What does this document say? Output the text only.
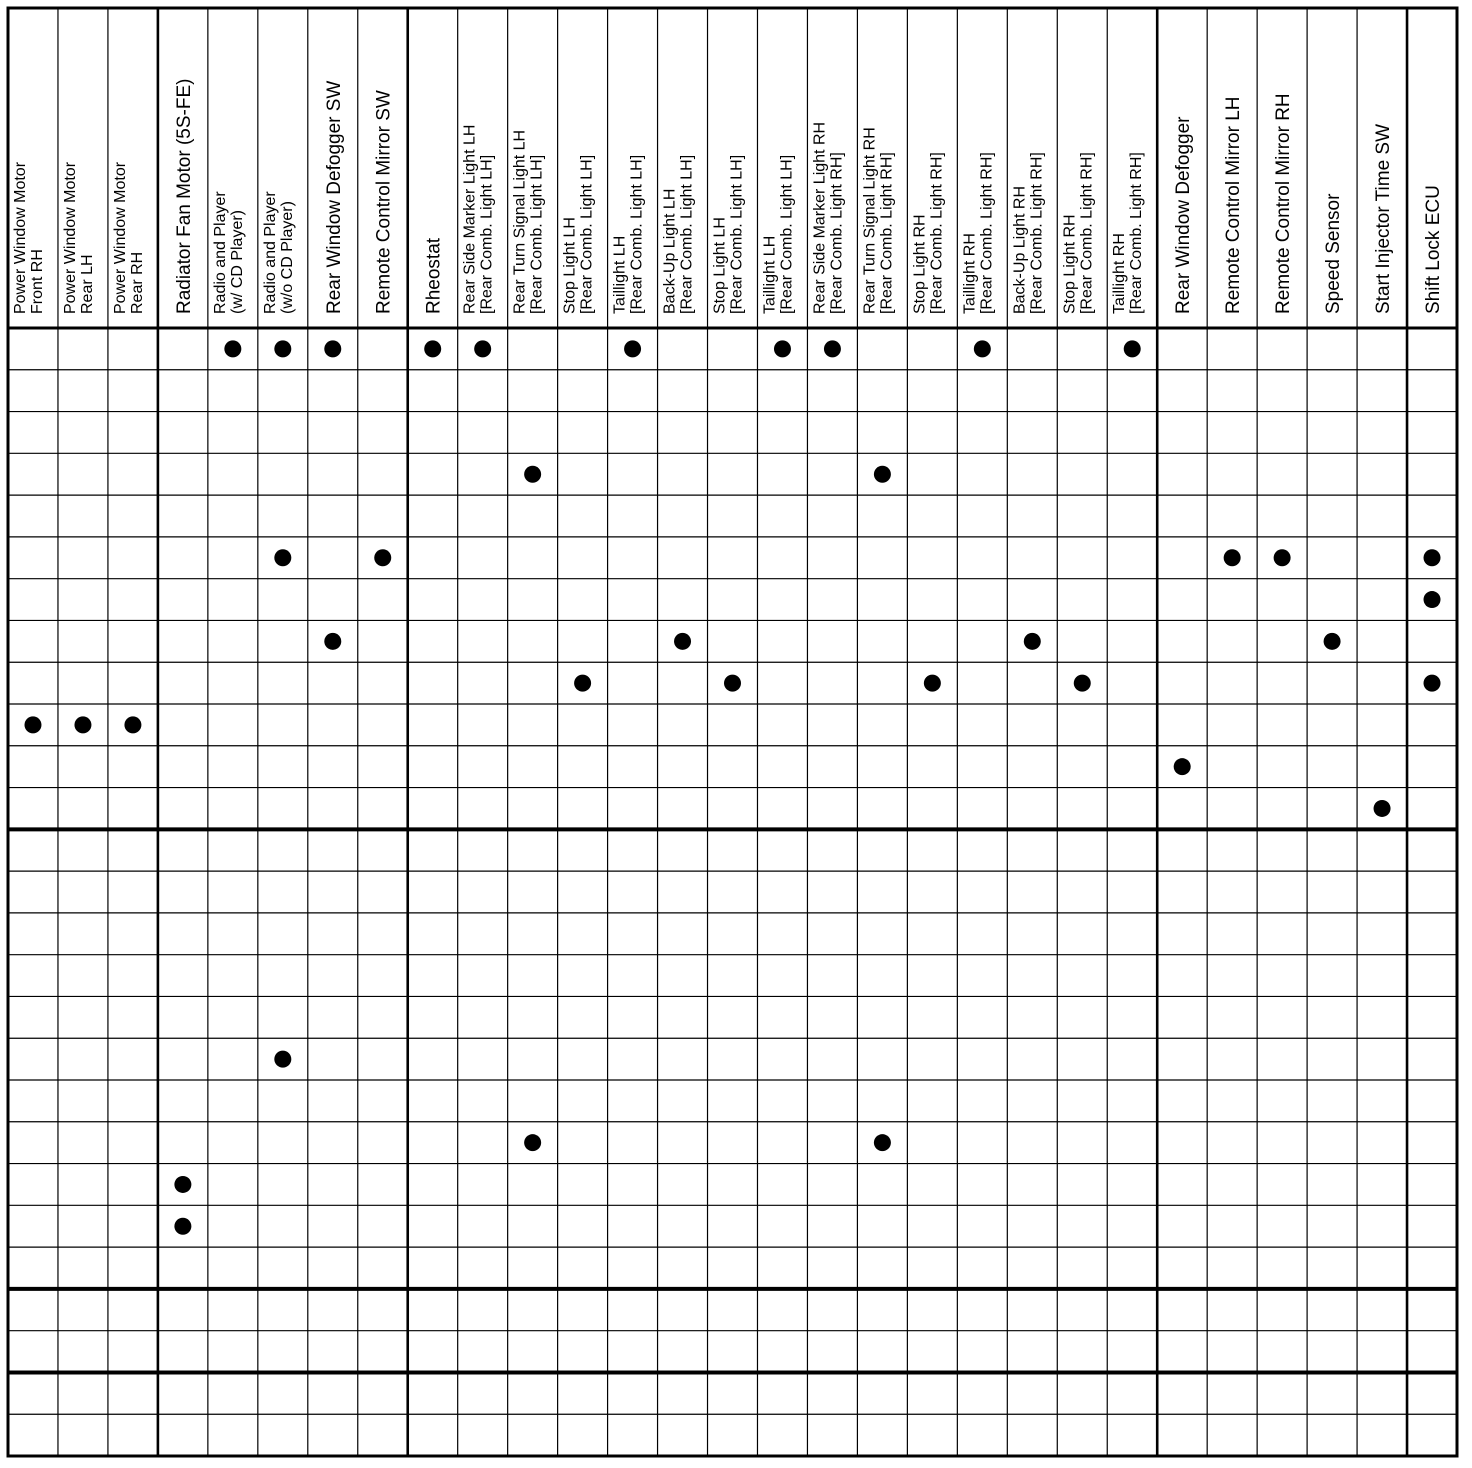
Power Window Motor Front RH Power Window Motor Rear LH Power Window Motor Rear RH Radiator Fan Motor (5S-FE) Radio and Player (w/ CD Player) Radio and Player (w/o CD Player) Rear Window Defogger SW Remote Control Mirror SW Rheostat Rear Side Marker Light LH [Rear Comb. Light LH] Rear Turn Signal Light LH [Rear Comb. Light LH] Stop Light LH [Rear Comb. Light LH] Taillight LH [Rear Comb. Light LH] Back-Up Light LH [Rear Comb. Light LH] Stop Light LH [Rear Comb. Light LH] Taillight LH [Rear Comb. Light LH] Rear Side Marker Light RH [Rear Comb. Light RH] Rear Turn Signal Light RH [Rear Comb. Light RH] Stop Light RH [Rear Comb. Light RH] Taillight RH [Rear Comb. Light RH] Back-Up Light RH [Rear Comb. Light RH] Stop Light RH [Rear Comb. Light RH] Taillight RH [Rear Comb. Light RH] Rear Window Defogger Remote Control Mirror LH Remote Control Mirror RH Speed Sensor Start Injector Time SW Shift Lock ECU
